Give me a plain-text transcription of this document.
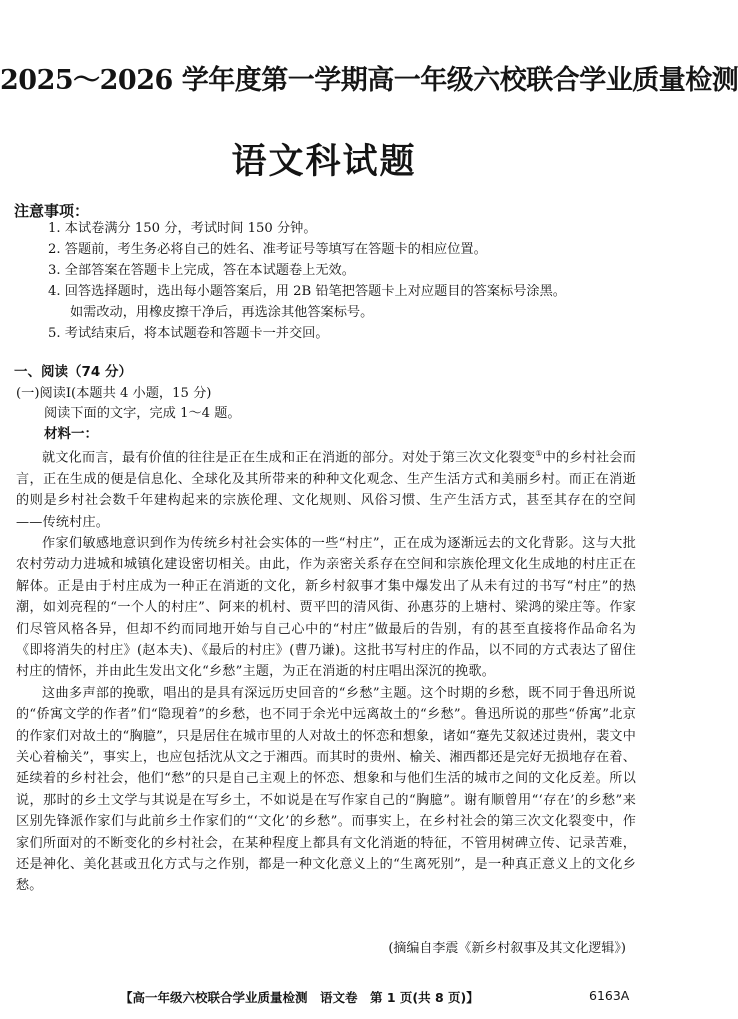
2025～2026 学年度第一学期高一年级六校联合学业质量检测
语文科试题
注意事项：
1. 本试卷满分 150 分，考试时间 150 分钟。
2. 答题前，考生务必将自己的姓名、准考证号等填写在答题卡的相应位置。
3. 全部答案在答题卡上完成，答在本试题卷上无效。
4. 回答选择题时，选出每小题答案后，用 2B 铅笔把答题卡上对应题目的答案标号涂黑。
如需改动，用橡皮擦干净后，再选涂其他答案标号。
5. 考试结束后，将本试题卷和答题卡一并交回。
一、阅读（74 分）
(一)阅读Ⅰ(本题共 4 小题，15 分)
阅读下面的文字，完成 1～4 题。
材料一：

就文化而言，最有价值的往往是正在生成和正在消逝的部分。对处于第三次文化裂变①中的乡村社会而言，正在生成的便是信息化、全球化及其所带来的种种文化观念、生产生活方式和美丽乡村。而正在消逝的则是乡村社会数千年建构起来的宗族伦理、文化规则、风俗习惯、生产生活方式，甚至其存在的空间——传统村庄。

作家们敏感地意识到作为传统乡村社会实体的一些“村庄”，正在成为逐渐远去的文化背影。这与大批农村劳动力进城和城镇化建设密切相关。由此，作为亲密关系存在空间和宗族伦理文化生成地的村庄正在解体。正是由于村庄成为一种正在消逝的文化，新乡村叙事才集中爆发出了从未有过的书写“村庄”的热潮，如刘亮程的“一个人的村庄”、阿来的机村、贾平凹的清风街、孙惠芬的上塘村、梁鸿的梁庄等。作家们尽管风格各异，但却不约而同地开始与自己心中的“村庄”做最后的告别，有的甚至直接将作品命名为《即将消失的村庄》(赵本夫)、《最后的村庄》(曹乃谦)。这批书写村庄的作品，以不同的方式表达了留住村庄的情怀，并由此生发出文化“乡愁”主题，为正在消逝的村庄唱出深沉的挽歌。

这曲多声部的挽歌，唱出的是具有深远历史回音的“乡愁”主题。这个时期的乡愁，既不同于鲁迅所说的“侨寓文学的作者”们“隐现着”的乡愁，也不同于余光中远离故土的“乡愁”。鲁迅所说的那些“侨寓”北京的作家们对故土的“胸臆”，只是居住在城市里的人对故土的怀恋和想象，诸如“蹇先艾叙述过贵州，裴文中关心着榆关”，事实上，也应包括沈从文之于湘西。而其时的贵州、榆关、湘西都还是完好无损地存在着、延续着的乡村社会，他们“愁”的只是自己主观上的怀恋、想象和与他们生活的城市之间的文化反差。所以说，那时的乡土文学与其说是在写乡土，不如说是在写作家自己的“胸臆”。谢有顺曾用“‘存在’的乡愁”来区别先锋派作家们与此前乡土作家们的“‘文化’的乡愁”。而事实上，在乡村社会的第三次文化裂变中，作家们所面对的不断变化的乡村社会，在某种程度上都具有文化消逝的特征，不管用树碑立传、记录苦难，还是神化、美化甚或丑化方式与之作别，都是一种文化意义上的“生离死别”，是一种真正意义上的文化乡愁。

(摘编自李震《新乡村叙事及其文化逻辑》)
【高一年级六校联合学业质量检测　语文卷　第 1 页(共 8 页)】	6163A
